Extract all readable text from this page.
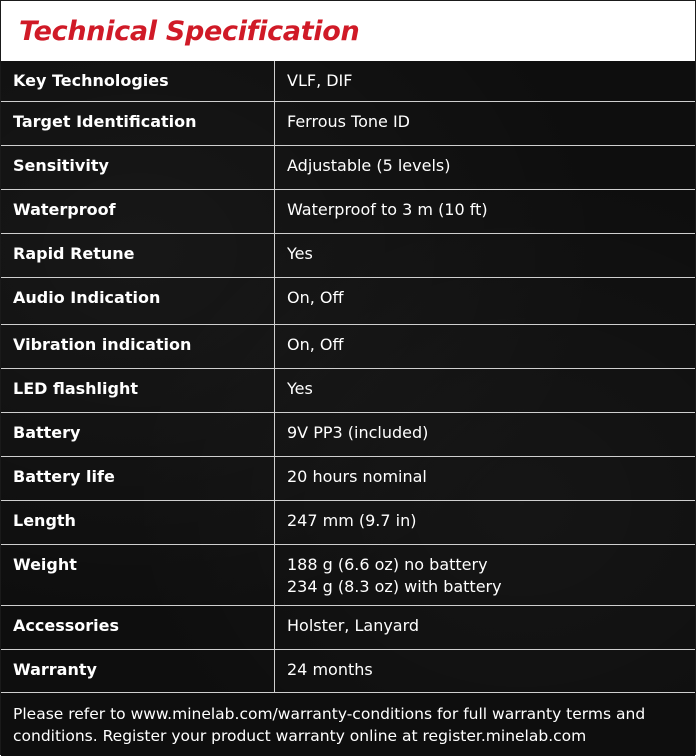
Technical Specification
Key Technologies	VLF, DIF

Target Identification	Ferrous Tone ID

Sensitivity	Adjustable (5 levels)

Waterproof	Waterproof to 3 m (10 ft)

Rapid Retune	Yes

Audio Indication	On, Off

Vibration indication	On, Off

LED flashlight	Yes

Battery	9V PP3 (included)

Battery life	20 hours nominal

Length	247 mm (9.7 in)

Weight	188 g (6.6 oz) no battery
234 g (8.3 oz) with battery

Accessories	Holster, Lanyard

Warranty	24 months
Please refer to www.minelab.com/warranty-conditions for full warranty terms and conditions. Register your product warranty online at register.minelab.com
